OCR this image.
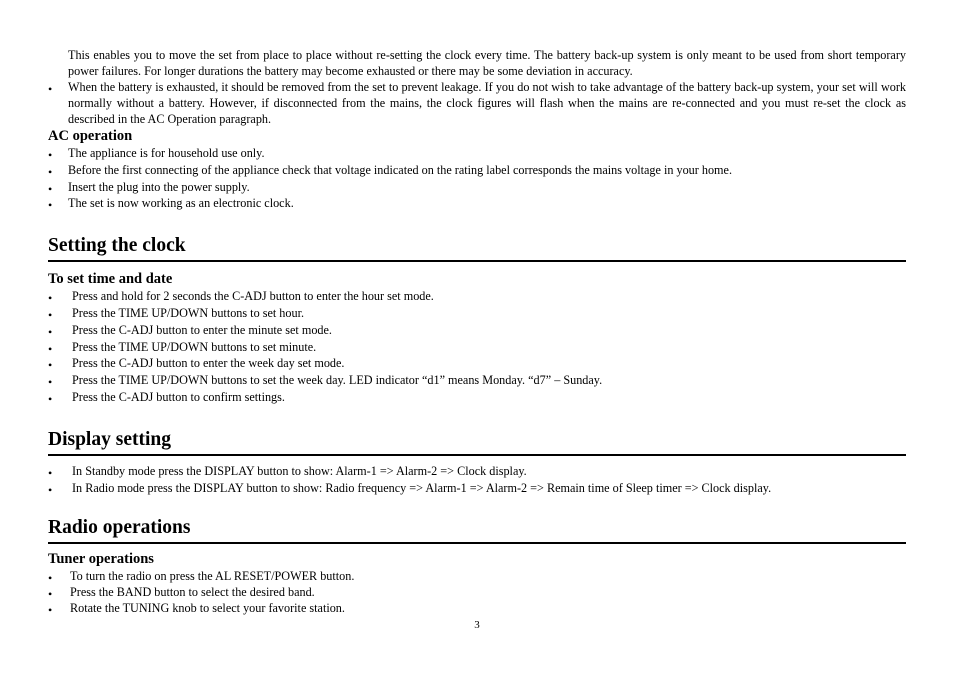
This enables you to move the set from place to place without re-setting the clock every time. The battery back-up system is only meant to be used from short temporary power failures. For longer durations the battery may become exhausted or there may be some deviation in accuracy.

• When the battery is exhausted, it should be removed from the set to prevent leakage. If you do not wish to take advantage of the battery back-up system, your set will work normally without a battery. However, if disconnected from the mains, the clock figures will flash when the mains are re-connected and you must re-set the clock as described in the AC Operation paragraph.
AC operation
• The appliance is for household use only.
• Before the first connecting of the appliance check that voltage indicated on the rating label corresponds the mains voltage in your home.
• Insert the plug into the power supply.
• The set is now working as an electronic clock.
Setting the clock
To set time and date
• Press and hold for 2 seconds the C-ADJ button to enter the hour set mode.
• Press the TIME UP/DOWN buttons to set hour.
• Press the C-ADJ button to enter the minute set mode.
• Press the TIME UP/DOWN buttons to set minute.
• Press the C-ADJ button to enter the week day set mode.
• Press the TIME UP/DOWN buttons to set the week day. LED indicator “d1” means Monday. “d7” – Sunday.
• Press the C-ADJ button to confirm settings.
Display setting
• In Standby mode press the DISPLAY button to show: Alarm-1 => Alarm-2 => Clock display.
• In Radio mode press the DISPLAY button to show: Radio frequency => Alarm-1 => Alarm-2 => Remain time of Sleep timer => Clock display.
Radio operations
Tuner operations
• To turn the radio on press the AL RESET/POWER button.
• Press the BAND button to select the desired band.
• Rotate the TUNING knob to select your favorite station.
3
